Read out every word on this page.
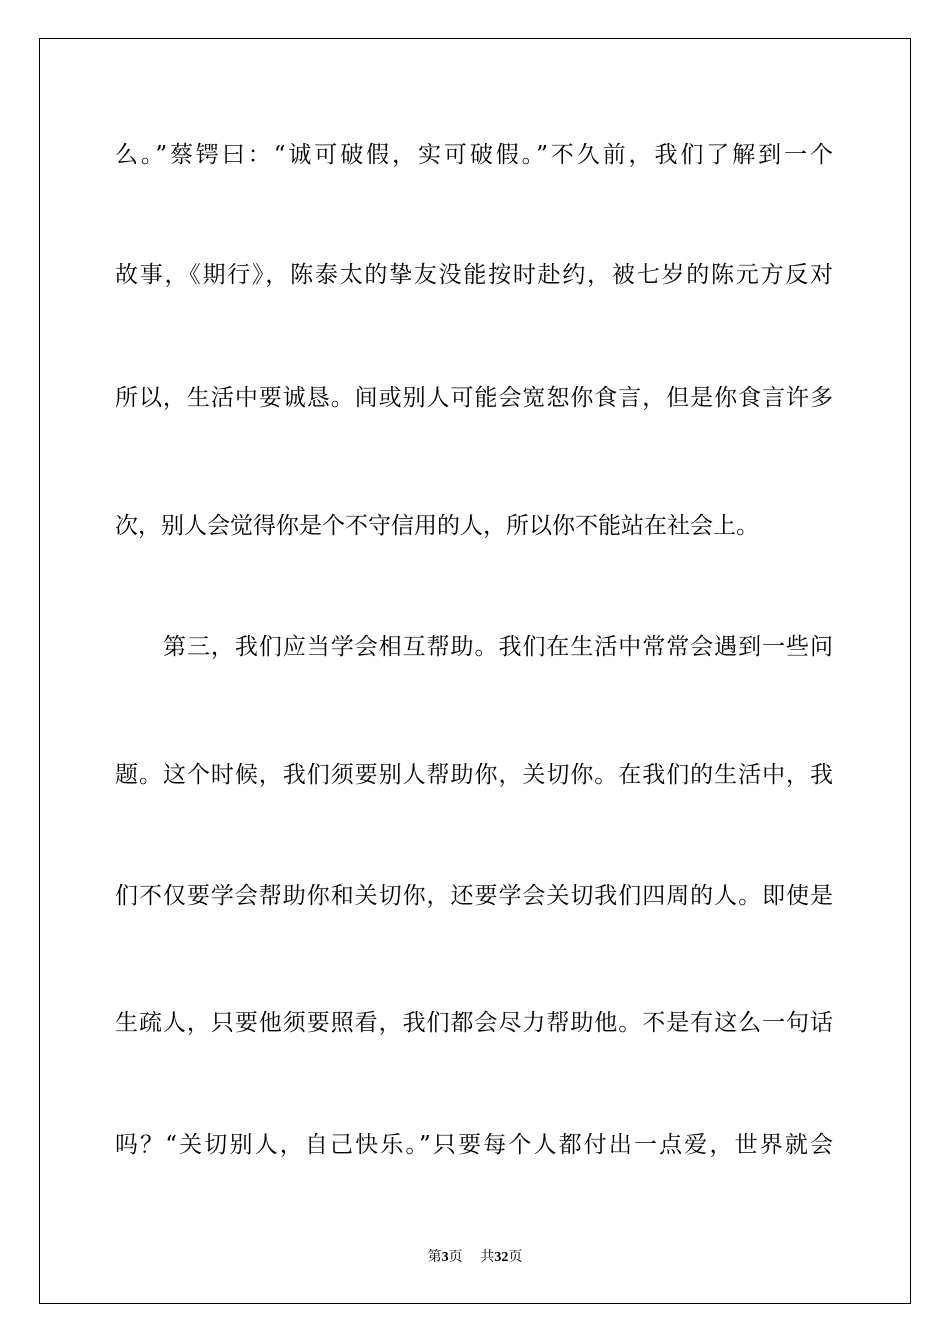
么。”蔡锷曰：“诚可破假，实可破假。”不久前，我们了解到一个
故事，《期行》，陈泰太的挚友没能按时赴约，被七岁的陈元方反对
所以，生活中要诚恳。间或别人可能会宽恕你食言，但是你食言许多
次，别人会觉得你是个不守信用的人，所以你不能站在社会上。
第三，我们应当学会相互帮助。我们在生活中常常会遇到一些问
题。这个时候，我们须要别人帮助你，关切你。在我们的生活中，我
们不仅要学会帮助你和关切你，还要学会关切我们四周的人。即使是
生疏人，只要他须要照看，我们都会尽力帮助他。不是有这么一句话
吗？“关切别人，自己快乐。”只要每个人都付出一点爱，世界就会
第3页 共32页
